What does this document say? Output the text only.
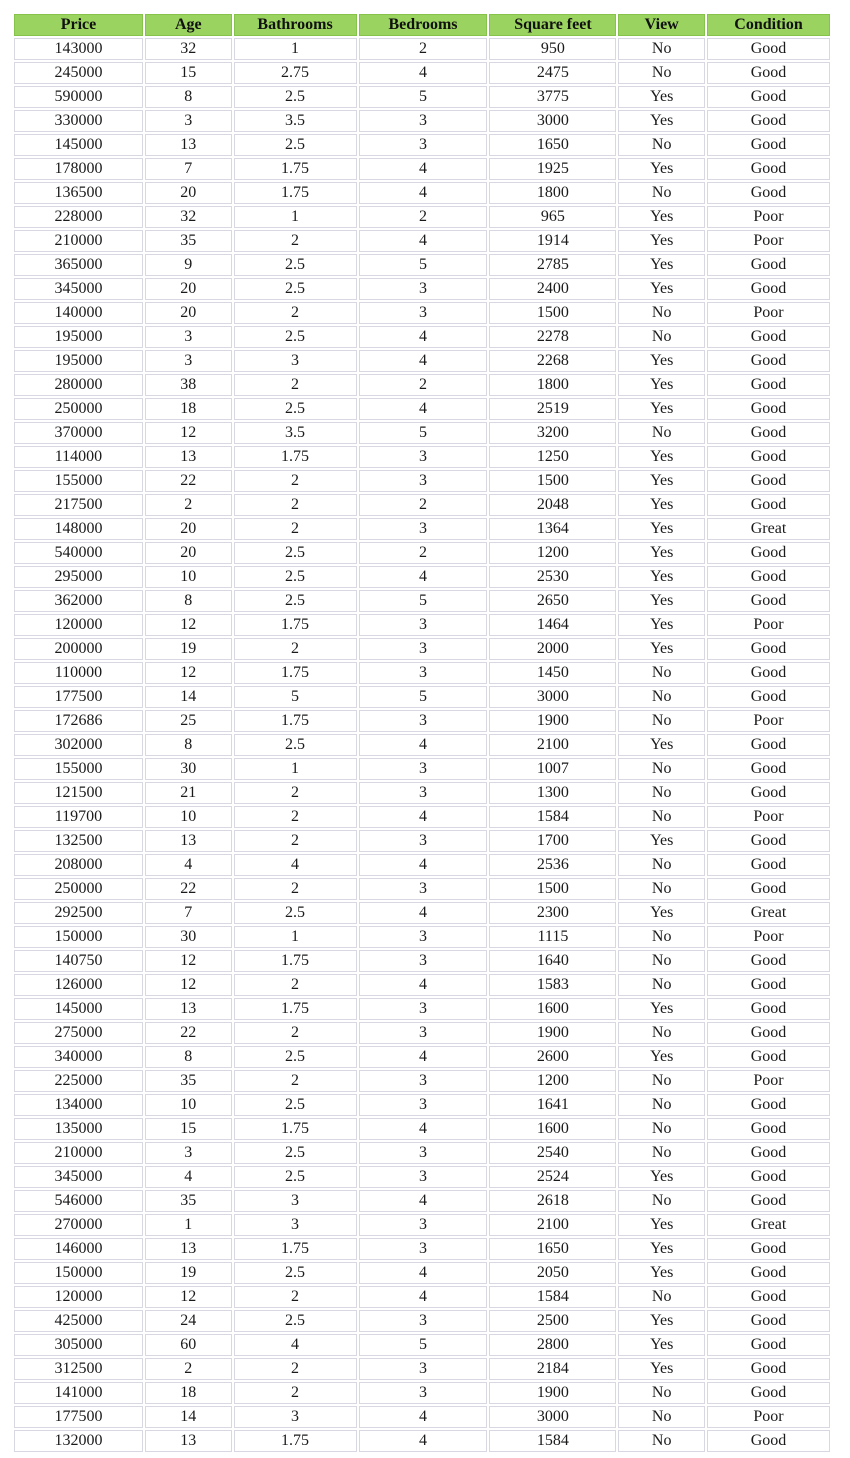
Price	Age	Bathrooms	Bedrooms	Square feet	View	Condition
143000	32	1	2	950	No	Good
245000	15	2.75	4	2475	No	Good
590000	8	2.5	5	3775	Yes	Good
330000	3	3.5	3	3000	Yes	Good
145000	13	2.5	3	1650	No	Good
178000	7	1.75	4	1925	Yes	Good
136500	20	1.75	4	1800	No	Good
228000	32	1	2	965	Yes	Poor
210000	35	2	4	1914	Yes	Poor
365000	9	2.5	5	2785	Yes	Good
345000	20	2.5	3	2400	Yes	Good
140000	20	2	3	1500	No	Poor
195000	3	2.5	4	2278	No	Good
195000	3	3	4	2268	Yes	Good
280000	38	2	2	1800	Yes	Good
250000	18	2.5	4	2519	Yes	Good
370000	12	3.5	5	3200	No	Good
114000	13	1.75	3	1250	Yes	Good
155000	22	2	3	1500	Yes	Good
217500	2	2	2	2048	Yes	Good
148000	20	2	3	1364	Yes	Great
540000	20	2.5	2	1200	Yes	Good
295000	10	2.5	4	2530	Yes	Good
362000	8	2.5	5	2650	Yes	Good
120000	12	1.75	3	1464	Yes	Poor
200000	19	2	3	2000	Yes	Good
110000	12	1.75	3	1450	No	Good
177500	14	5	5	3000	No	Good
172686	25	1.75	3	1900	No	Poor
302000	8	2.5	4	2100	Yes	Good
155000	30	1	3	1007	No	Good
121500	21	2	3	1300	No	Good
119700	10	2	4	1584	No	Poor
132500	13	2	3	1700	Yes	Good
208000	4	4	4	2536	No	Good
250000	22	2	3	1500	No	Good
292500	7	2.5	4	2300	Yes	Great
150000	30	1	3	1115	No	Poor
140750	12	1.75	3	1640	No	Good
126000	12	2	4	1583	No	Good
145000	13	1.75	3	1600	Yes	Good
275000	22	2	3	1900	No	Good
340000	8	2.5	4	2600	Yes	Good
225000	35	2	3	1200	No	Poor
134000	10	2.5	3	1641	No	Good
135000	15	1.75	4	1600	No	Good
210000	3	2.5	3	2540	No	Good
345000	4	2.5	3	2524	Yes	Good
546000	35	3	4	2618	No	Good
270000	1	3	3	2100	Yes	Great
146000	13	1.75	3	1650	Yes	Good
150000	19	2.5	4	2050	Yes	Good
120000	12	2	4	1584	No	Good
425000	24	2.5	3	2500	Yes	Good
305000	60	4	5	2800	Yes	Good
312500	2	2	3	2184	Yes	Good
141000	18	2	3	1900	No	Good
177500	14	3	4	3000	No	Poor
132000	13	1.75	4	1584	No	Good
